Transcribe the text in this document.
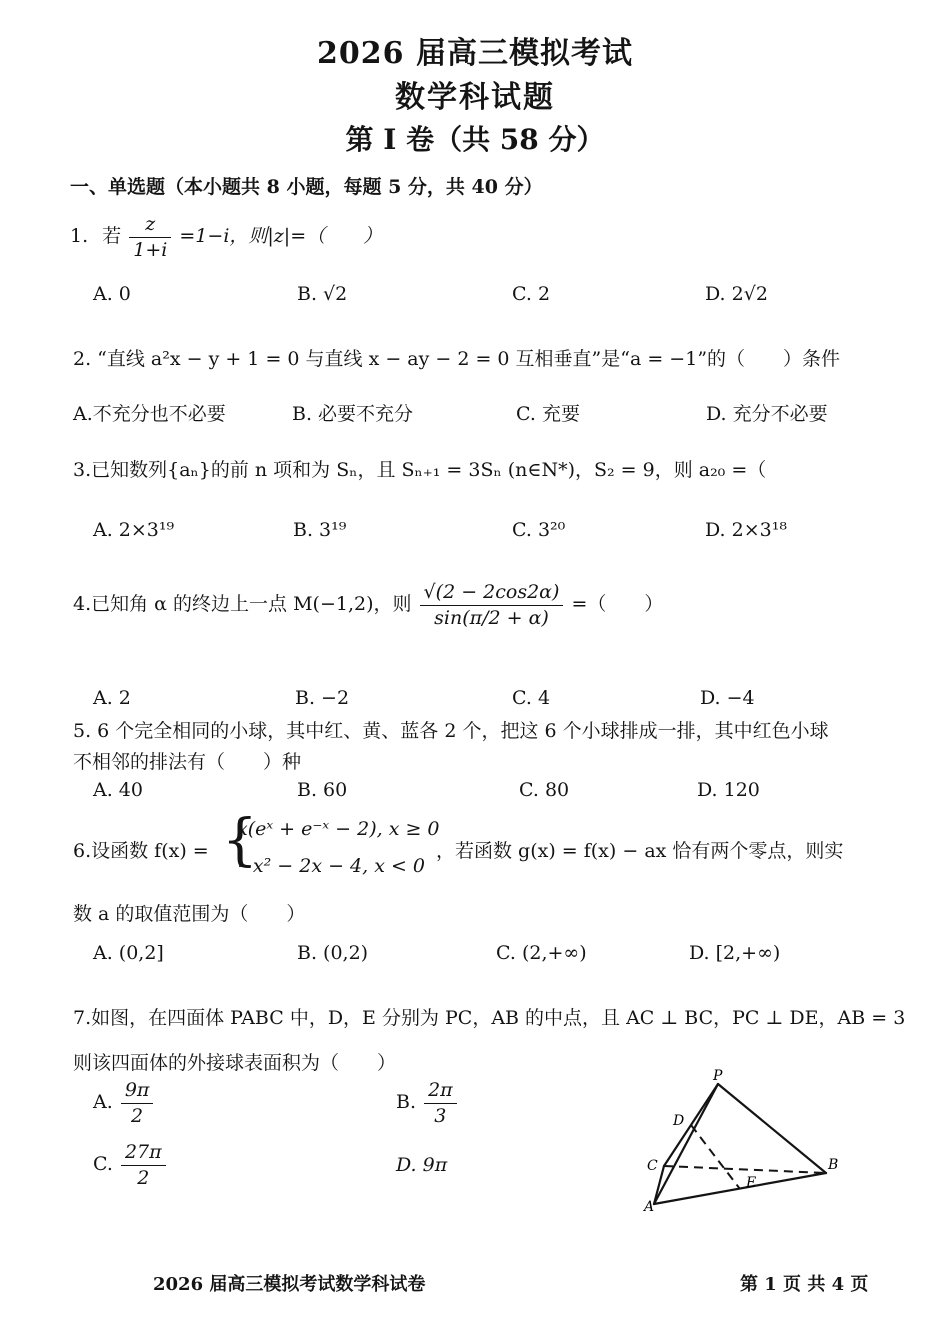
2026 届高三模拟考试
数学科试题
第 I 卷（共 58 分）
一、单选题（本小题共 8 小题，每题 5 分，共 40 分）
1. 若 $\frac{z}{1+i} =1-i$，则|z|=（　　）
A. 0	B. √2	C. 2	D. 2√2
2. “直线 a²x − y + 1 = 0 与直线 x − ay − 2 = 0 互相垂直”是“a = −1”的（　　）条件
A.不充分也不必要	B. 必要不充分	C. 充要	D. 充分不必要
3.已知数列{aₙ}的前 n 项和为 Sₙ，且 Sₙ₊₁ = 3Sₙ (n∈N*)，S₂ = 9，则 a₂₀ =（
A. 2×3¹⁹	B. 3¹⁹	C. 3²⁰	D. 2×3¹⁸
4.已知角 α 的终边上一点 M(−1,2)，则 $\frac{√(2 - 2\cos 2\alpha)}{\sin(\pi/2 + \alpha)}$ =（　　）
A. 2	B. −2	C. 4	D. −4
5. 6 个完全相同的小球，其中红、黄、蓝各 2 个，把这 6 个小球排成一排，其中红色小球
不相邻的排法有（　　）种
A. 40	B. 60	C. 80	D. 120
6.设函数 f(x) = {
x(eˣ + e⁻ˣ − 2), x ≥ 0
−x² − 2x − 4, x < 0
，若函数 g(x) = f(x) − ax 恰有两个零点，则实
数 a 的取值范围为（　　）
A. (0,2]	B. (0,2)	C. (2,+∞)	D. [2,+∞)
7.如图，在四面体 PABC 中，D，E 分别为 PC，AB 的中点，且 AC ⊥ BC，PC ⊥ DE，AB = 3
则该四面体的外接球表面积为（　　）
A. $\frac{9\pi}{2}$	B. $\frac{2\pi}{3}$
C. $\frac{27\pi}{2}$	D. 9π
P
D
C	B
E
A
2026 届高三模拟考试数学科试卷	第 1 页 共 4 页
